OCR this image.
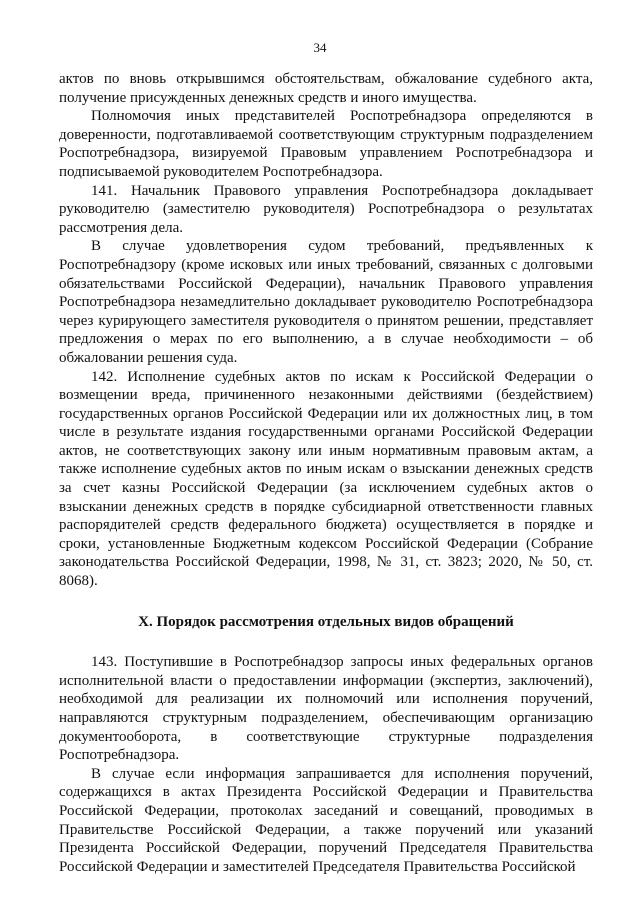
34

актов по вновь открывшимся обстоятельствам, обжалование судебного акта, получение присужденных денежных средств и иного имущества.

Полномочия иных представителей Роспотребнадзора определяются в доверенности, подготавливаемой соответствующим структурным подразделением Роспотребнадзора, визируемой Правовым управлением Роспотребнадзора и подписываемой руководителем Роспотребнадзора.

141. Начальник Правового управления Роспотребнадзора докладывает руководителю (заместителю руководителя) Роспотребнадзора о результатах рассмотрения дела.

В случае удовлетворения судом требований, предъявленных к Роспотребнадзору (кроме исковых или иных требований, связанных с долговыми обязательствами Российской Федерации), начальник Правового управления Роспотребнадзора незамедлительно докладывает руководителю Роспотребнадзора через курирующего заместителя руководителя о принятом решении, представляет предложения о мерах по его выполнению, а в случае необходимости – об обжаловании решения суда.

142. Исполнение судебных актов по искам к Российской Федерации о возмещении вреда, причиненного незаконными действиями (бездействием) государственных органов Российской Федерации или их должностных лиц, в том числе в результате издания государственными органами Российской Федерации актов, не соответствующих закону или иным нормативным правовым актам, а также исполнение судебных актов по иным искам о взыскании денежных средств за счет казны Российской Федерации (за исключением судебных актов о взыскании денежных средств в порядке субсидиарной ответственности главных распорядителей средств федерального бюджета) осуществляется в порядке и сроки, установленные Бюджетным кодексом Российской Федерации (Собрание законодательства Российской Федерации, 1998, № 31, ст. 3823; 2020, № 50, ст. 8068).

X. Порядок рассмотрения отдельных видов обращений

143. Поступившие в Роспотребнадзор запросы иных федеральных органов исполнительной власти о предоставлении информации (экспертиз, заключений), необходимой для реализации их полномочий или исполнения поручений, направляются структурным подразделением, обеспечивающим организацию документооборота, в соответствующие структурные подразделения Роспотребнадзора.

В случае если информация запрашивается для исполнения поручений, содержащихся в актах Президента Российской Федерации и Правительства Российской Федерации, протоколах заседаний и совещаний, проводимых в Правительстве Российской Федерации, а также поручений или указаний Президента Российской Федерации, поручений Председателя Правительства Российской Федерации и заместителей Председателя Правительства Российской
